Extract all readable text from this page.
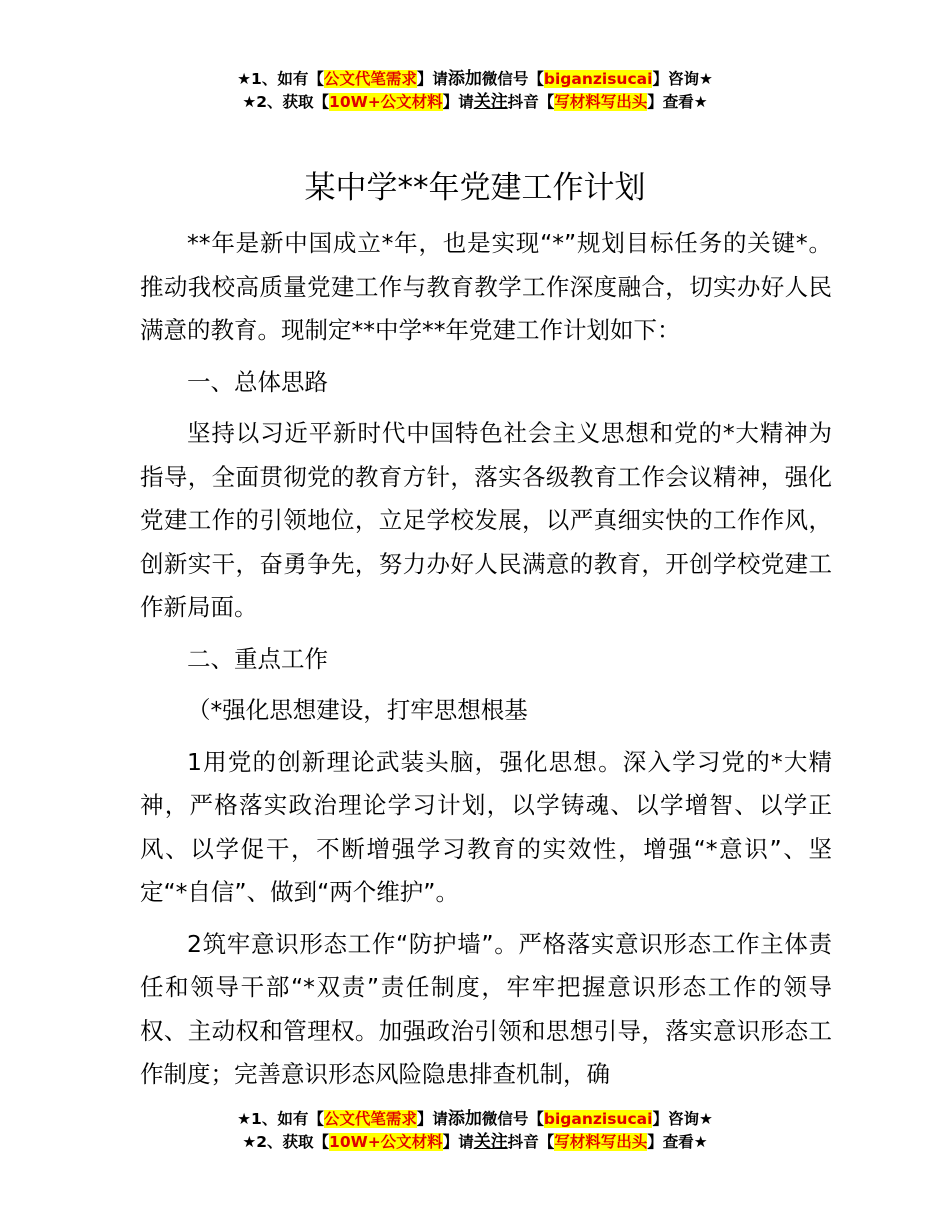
★1、如有【公文代笔需求】请添加微信号【biganzisucai】咨询★
★2、获取【10W+公文材料】请关注抖音【写材料写出头】查看★
某中学**年党建工作计划

**年是新中国成立*年，也是实现“*”规划目标任务的关键*。推动我校高质量党建工作与教育教学工作深度融合，切实办好人民满意的教育。现制定**中学**年党建工作计划如下：

一、总体思路

坚持以习近平新时代中国特色社会主义思想和党的*大精神为指导，全面贯彻党的教育方针，落实各级教育工作会议精神，强化党建工作的引领地位，立足学校发展，以严真细实快的工作作风，创新实干，奋勇争先，努力办好人民满意的教育，开创学校党建工作新局面。

二、重点工作

（*强化思想建设，打牢思想根基

1用党的创新理论武装头脑，强化思想。深入学习党的*大精神，严格落实政治理论学习计划，以学铸魂、以学增智、以学正风、以学促干，不断增强学习教育的实效性，增强“*意识”、坚定“*自信”、做到“两个维护”。

2筑牢意识形态工作“防护墙”。严格落实意识形态工作主体责任和领导干部“*双责”责任制度，牢牢把握意识形态工作的领导权、主动权和管理权。加强政治引领和思想引导，落实意识形态工作制度；完善意识形态风险隐患排查机制，确

★1、如有【公文代笔需求】请添加微信号【biganzisucai】咨询★
★2、获取【10W+公文材料】请关注抖音【写材料写出头】查看★
